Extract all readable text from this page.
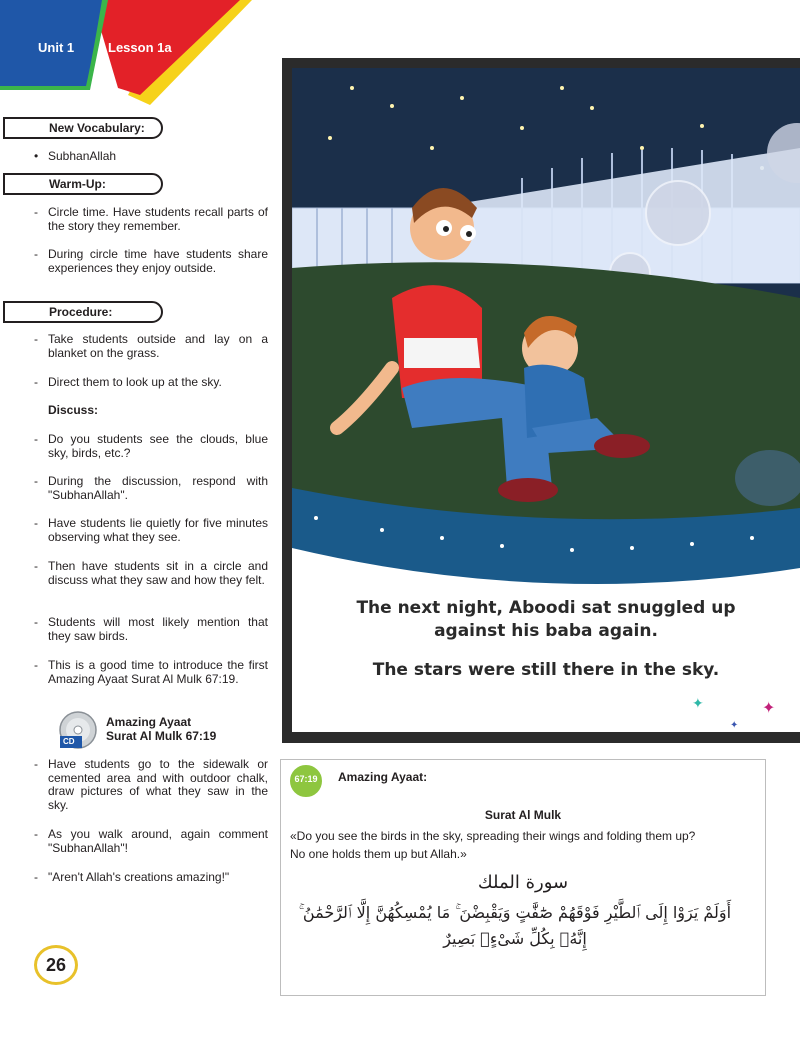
Unit 1	Lesson 1a
New Vocabulary:
• SubhanAllah
Warm-Up:
- Circle time. Have students recall parts of the story they remember.
- During circle time have students share experiences they enjoy outside.
Procedure:
- Take students outside and lay on a blanket on the grass.
- Direct them to look up at the sky.
Discuss:
- Do you students see the clouds, blue sky, birds, etc.?
- During the discussion, respond with "SubhanAllah".
- Have students lie quietly for five minutes observing what they see.
- Then have students sit in a circle and discuss what they saw and how they felt.
- Students will most likely mention that they saw birds.
- This is a good time to introduce the first Amazing Ayaat Surat Al Mulk 67:19.
CD
Amazing Ayaat
Surat Al Mulk 67:19
- Have students go to the sidewalk or cemented area and with outdoor chalk, draw pictures of what they saw in the sky.
- As you walk around, again comment "SubhanAllah"!
- "Aren't Allah's creations amazing!"
26
✦	✦
✦
The next night, Aboodi sat snuggled up
against his baba again.
The stars were still there in the sky.
67:19	Amazing Ayaat:
Surat Al Mulk
«Do you see the birds in the sky, spreading their wings and folding them up?
No one holds them up but Allah.»
سورة الملك
أَوَلَمْ يَرَوْا إِلَى ٱلطَّيْرِ فَوْقَهُمْ صَٰٓفَّٰتٍ وَيَقْبِضْنَ ۚ مَا يُمْسِكُهُنَّ إِلَّا ٱلرَّحْمَٰنُ ۚ
إِنَّهُۥ بِكُلِّ شَىْءٍۭ بَصِيرٌ
